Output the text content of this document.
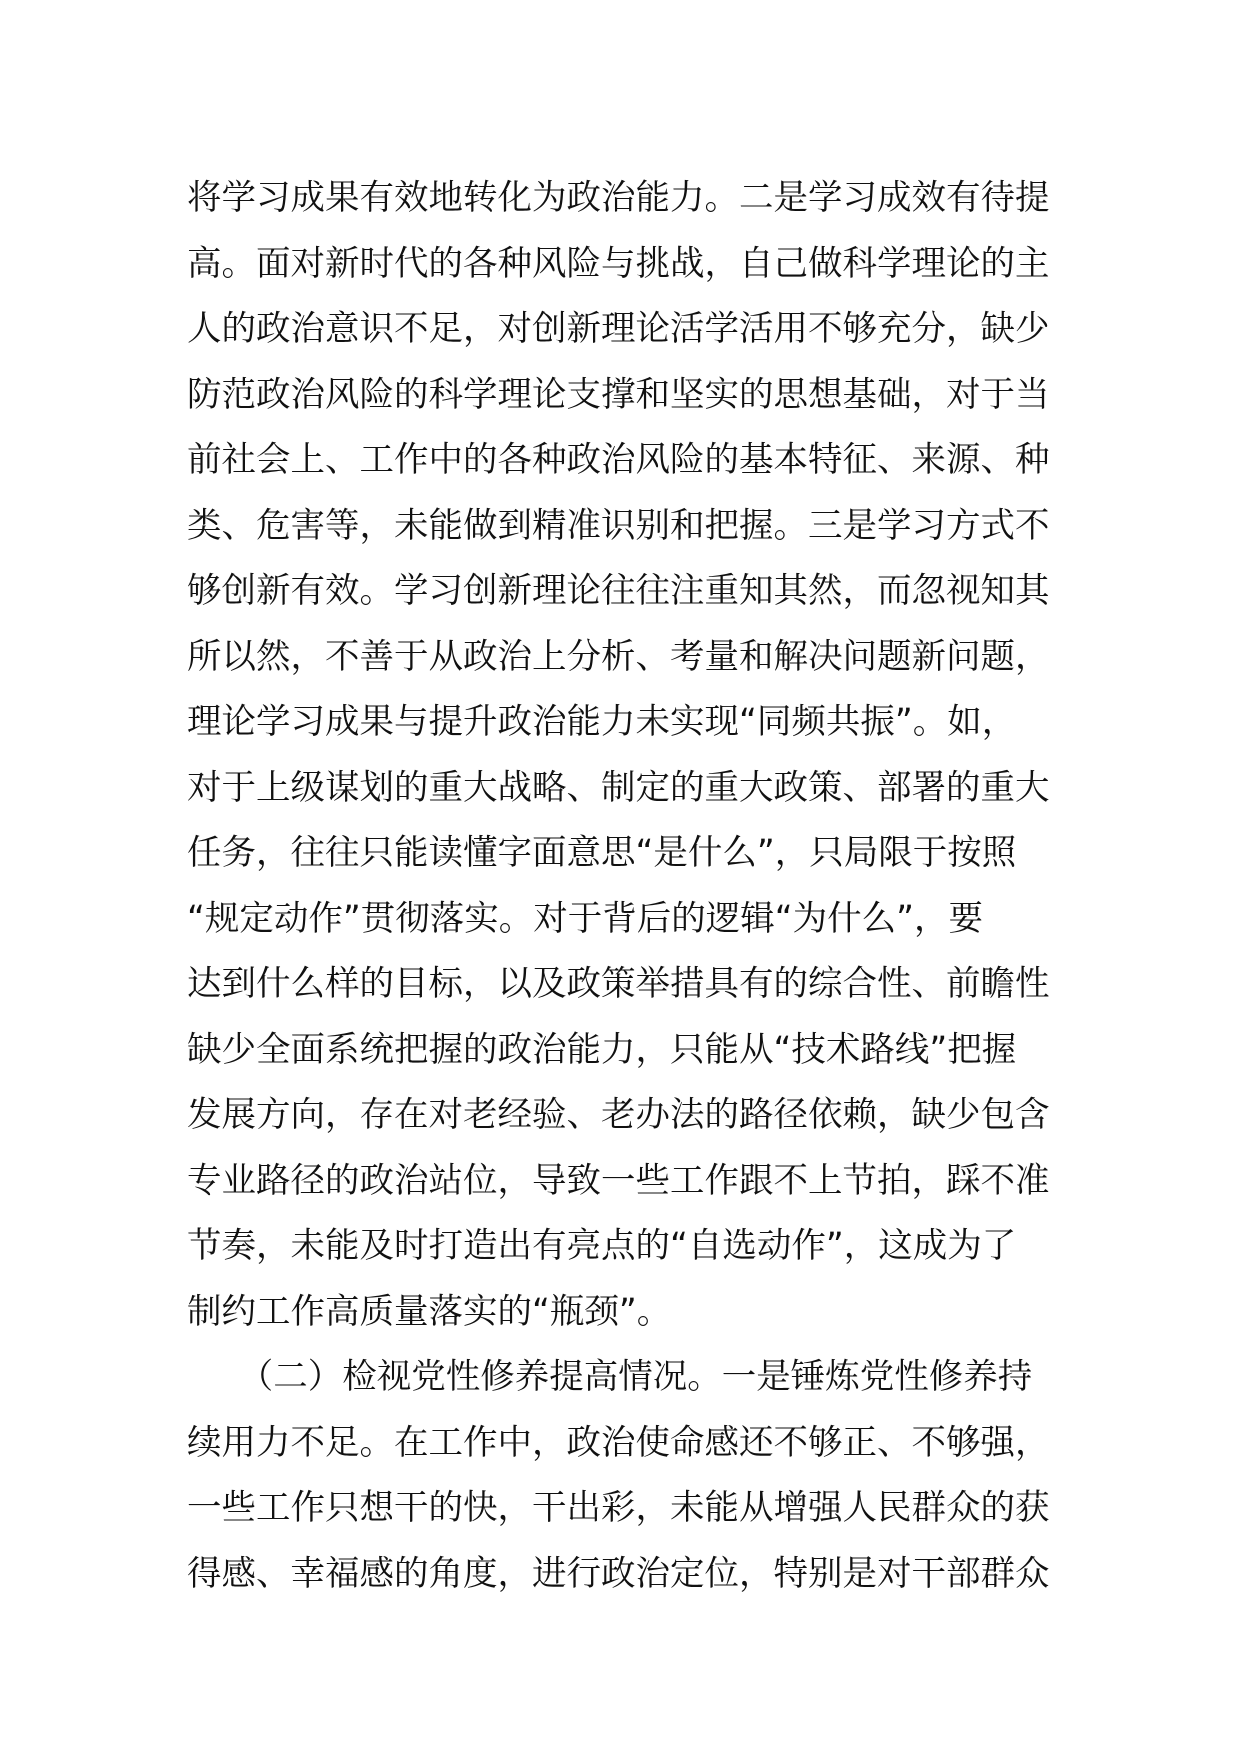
将学习成果有效地转化为政治能力。二是学习成效有待提
高。面对新时代的各种风险与挑战，自己做科学理论的主
人的政治意识不足，对创新理论活学活用不够充分，缺少
防范政治风险的科学理论支撑和坚实的思想基础，对于当
前社会上、工作中的各种政治风险的基本特征、来源、种
类、危害等，未能做到精准识别和把握。三是学习方式不
够创新有效。学习创新理论往往注重知其然，而忽视知其
所以然，不善于从政治上分析、考量和解决问题新问题，
理论学习成果与提升政治能力未实现“同频共振”。如，
对于上级谋划的重大战略、制定的重大政策、部署的重大
任务，往往只能读懂字面意思“是什么”，只局限于按照
“规定动作”贯彻落实。对于背后的逻辑“为什么”，要
达到什么样的目标，以及政策举措具有的综合性、前瞻性
缺少全面系统把握的政治能力，只能从“技术路线”把握
发展方向，存在对老经验、老办法的路径依赖，缺少包含
专业路径的政治站位，导致一些工作跟不上节拍，踩不准
节奏，未能及时打造出有亮点的“自选动作”，这成为了
制约工作高质量落实的“瓶颈”。
　　（二）检视党性修养提高情况。一是锤炼党性修养持
续用力不足。在工作中，政治使命感还不够正、不够强，
一些工作只想干的快，干出彩，未能从增强人民群众的获
得感、幸福感的角度，进行政治定位，特别是对干部群众
